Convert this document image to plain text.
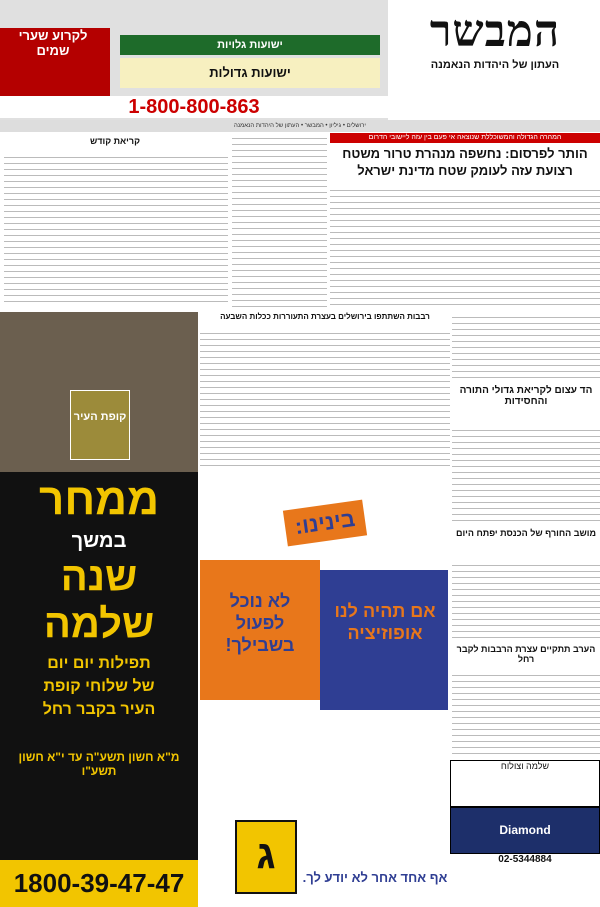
המבשר
העתון של היהדות הנאמנה
לקרוע שערי שמים	ישועות גלויות
ישועות גדולות
1-800-800-863
ירושלים • גיליון • המבשר • העתון של היהדות הנאמנה
המהרה הגדולה והמשוכללת שנוצאה אי פעם בין עזה ליישובי הדרום
הותר לפרסום: נחשפה מנהרת טרור משטח
רצועת עזה לעומק שטח מדינת ישראל
קריאת קודש
רבבות השתתפו בירושלים בעצרת התעוררות ככלות השבעה
הד עצום לקריאת גדולי התורה והחסידות
מושב החורף של הכנסת יפתח היום
הערב תתקיים עצרת הרבבות לקבר רחל
שלמה וצולוח
Diamond
02-5344884
קופת העיר
ממחר
במשך
שנה
שלמה
תפילות יום יום
של שלוחי קופת
העיר בקבר רחל
מ"א חשון תשע"ה עד י"א חשון תשע"ו
1800-39-47-47
בינינו:
לא נוכל לפעול בשבילך!
אם תהיה לנו אופוזיציה
ג
אף אחד אחר לא יודע לך.
